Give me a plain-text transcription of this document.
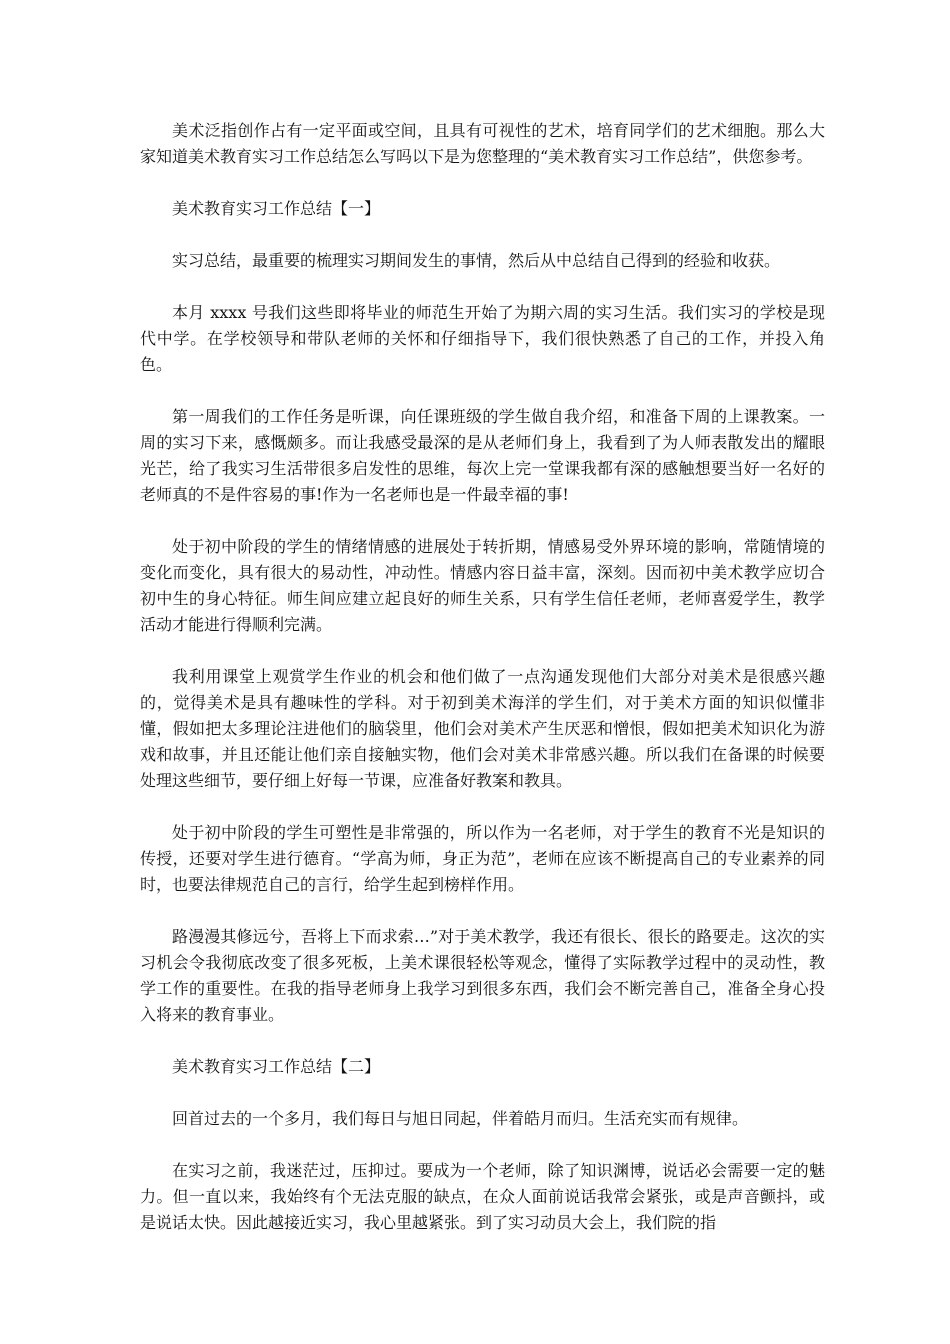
美术泛指创作占有一定平面或空间，且具有可视性的艺术，培育同学们的艺术细胞。那么大家知道美术教育实习工作总结怎么写吗以下是为您整理的“美术教育实习工作总结”，供您参考。

美术教育实习工作总结【一】

实习总结，最重要的梳理实习期间发生的事情，然后从中总结自己得到的经验和收获。

本月 xxxx 号我们这些即将毕业的师范生开始了为期六周的实习生活。我们实习的学校是现代中学。在学校领导和带队老师的关怀和仔细指导下，我们很快熟悉了自己的工作，并投入角色。

第一周我们的工作任务是听课，向任课班级的学生做自我介绍，和准备下周的上课教案。一周的实习下来，感慨颇多。而让我感受最深的是从老师们身上，我看到了为人师表散发出的耀眼光芒，给了我实习生活带很多启发性的思维，每次上完一堂课我都有深的感触想要当好一名好的老师真的不是件容易的事!作为一名老师也是一件最幸福的事!

处于初中阶段的学生的情绪情感的进展处于转折期，情感易受外界环境的影响，常随情境的变化而变化，具有很大的易动性，冲动性。情感内容日益丰富，深刻。因而初中美术教学应切合初中生的身心特征。师生间应建立起良好的师生关系，只有学生信任老师，老师喜爱学生，教学活动才能进行得顺利完满。

我利用课堂上观赏学生作业的机会和他们做了一点沟通发现他们大部分对美术是很感兴趣的，觉得美术是具有趣味性的学科。对于初到美术海洋的学生们，对于美术方面的知识似懂非懂，假如把太多理论注进他们的脑袋里，他们会对美术产生厌恶和憎恨，假如把美术知识化为游戏和故事，并且还能让他们亲自接触实物，他们会对美术非常感兴趣。所以我们在备课的时候要处理这些细节，要仔细上好每一节课，应准备好教案和教具。

处于初中阶段的学生可塑性是非常强的，所以作为一名老师，对于学生的教育不光是知识的传授，还要对学生进行德育。“学高为师，身正为范”，老师在应该不断提高自己的专业素养的同时，也要法律规范自己的言行，给学生起到榜样作用。

路漫漫其修远兮，吾将上下而求索…”对于美术教学，我还有很长、很长的路要走。这次的实习机会令我彻底改变了很多死板，上美术课很轻松等观念，懂得了实际教学过程中的灵动性，教学工作的重要性。在我的指导老师身上我学习到很多东西，我们会不断完善自己，准备全身心投入将来的教育事业。

美术教育实习工作总结【二】

回首过去的一个多月，我们每日与旭日同起，伴着皓月而归。生活充实而有规律。

在实习之前，我迷茫过，压抑过。要成为一个老师，除了知识渊博，说话必会需要一定的魅力。但一直以来，我始终有个无法克服的缺点，在众人面前说话我常会紧张，或是声音颤抖，或是说话太快。因此越接近实习，我心里越紧张。到了实习动员大会上，我们院的指
